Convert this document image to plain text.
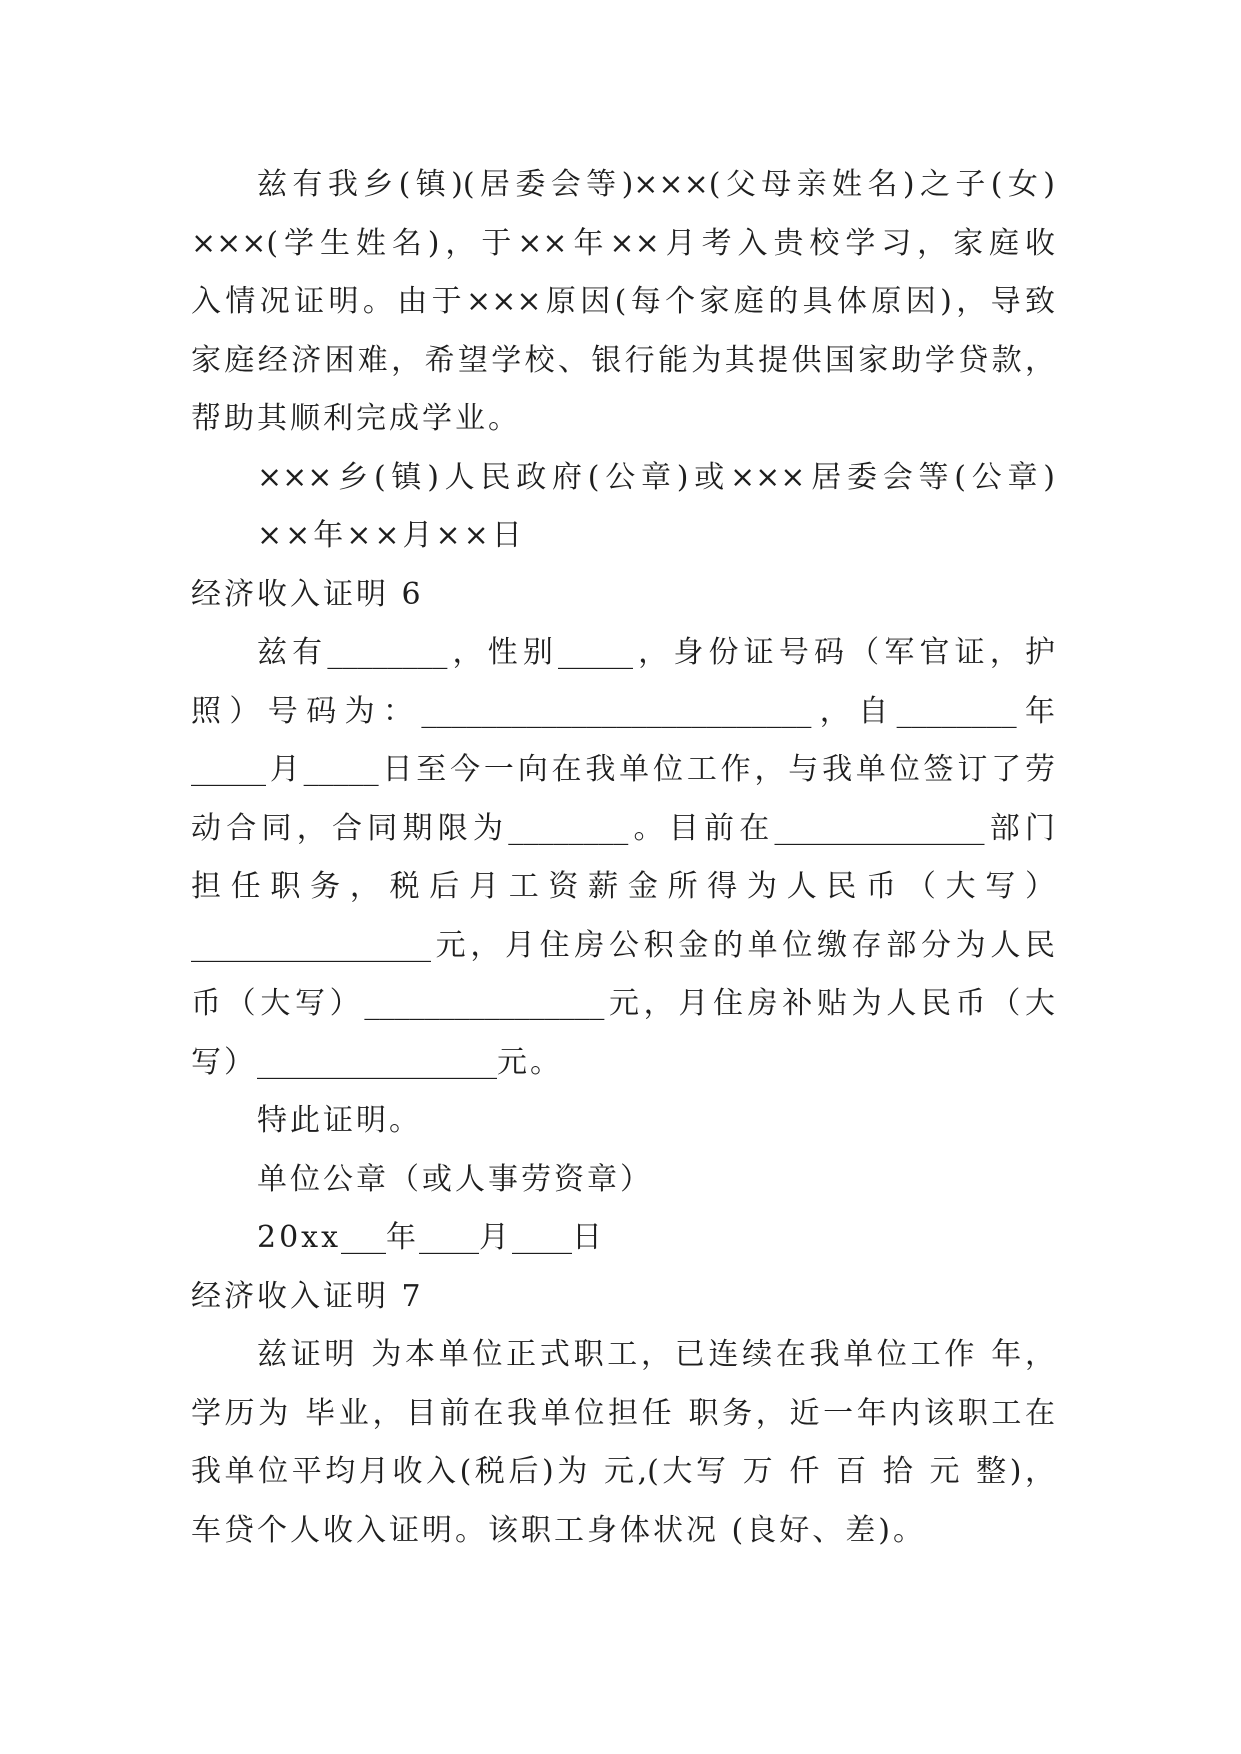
兹有我乡(镇)(居委会等)×××(父母亲姓名)之子(女)
×××(学生姓名)，于××年××月考入贵校学习，家庭收
入情况证明。由于×××原因(每个家庭的具体原因)，导致
家庭经济困难，希望学校、银行能为其提供国家助学贷款，
帮助其顺利完成学业。
×××乡(镇)人民政府(公章)或×××居委会等(公章)
××年××月××日
经济收入证明 6
兹有________，性别_____，身份证号码（军官证，护
照）号码为：__________________________，自________年
_____月_____日至今一向在我单位工作，与我单位签订了劳
动合同，合同期限为________。目前在______________部门
担任职务，税后月工资薪金所得为人民币（大写）
________________元，月住房公积金的单位缴存部分为人民
币（大写）________________元，月住房补贴为人民币（大
写）________________元。
特此证明。
单位公章（或人事劳资章）
20xx___年____月____日
经济收入证明 7
兹证明 为本单位正式职工，已连续在我单位工作 年，
学历为 毕业，目前在我单位担任 职务，近一年内该职工在
我单位平均月收入(税后)为 元,(大写 万 仟 百 拾 元 整)，
车贷个人收入证明。该职工身体状况 (良好、差)。
